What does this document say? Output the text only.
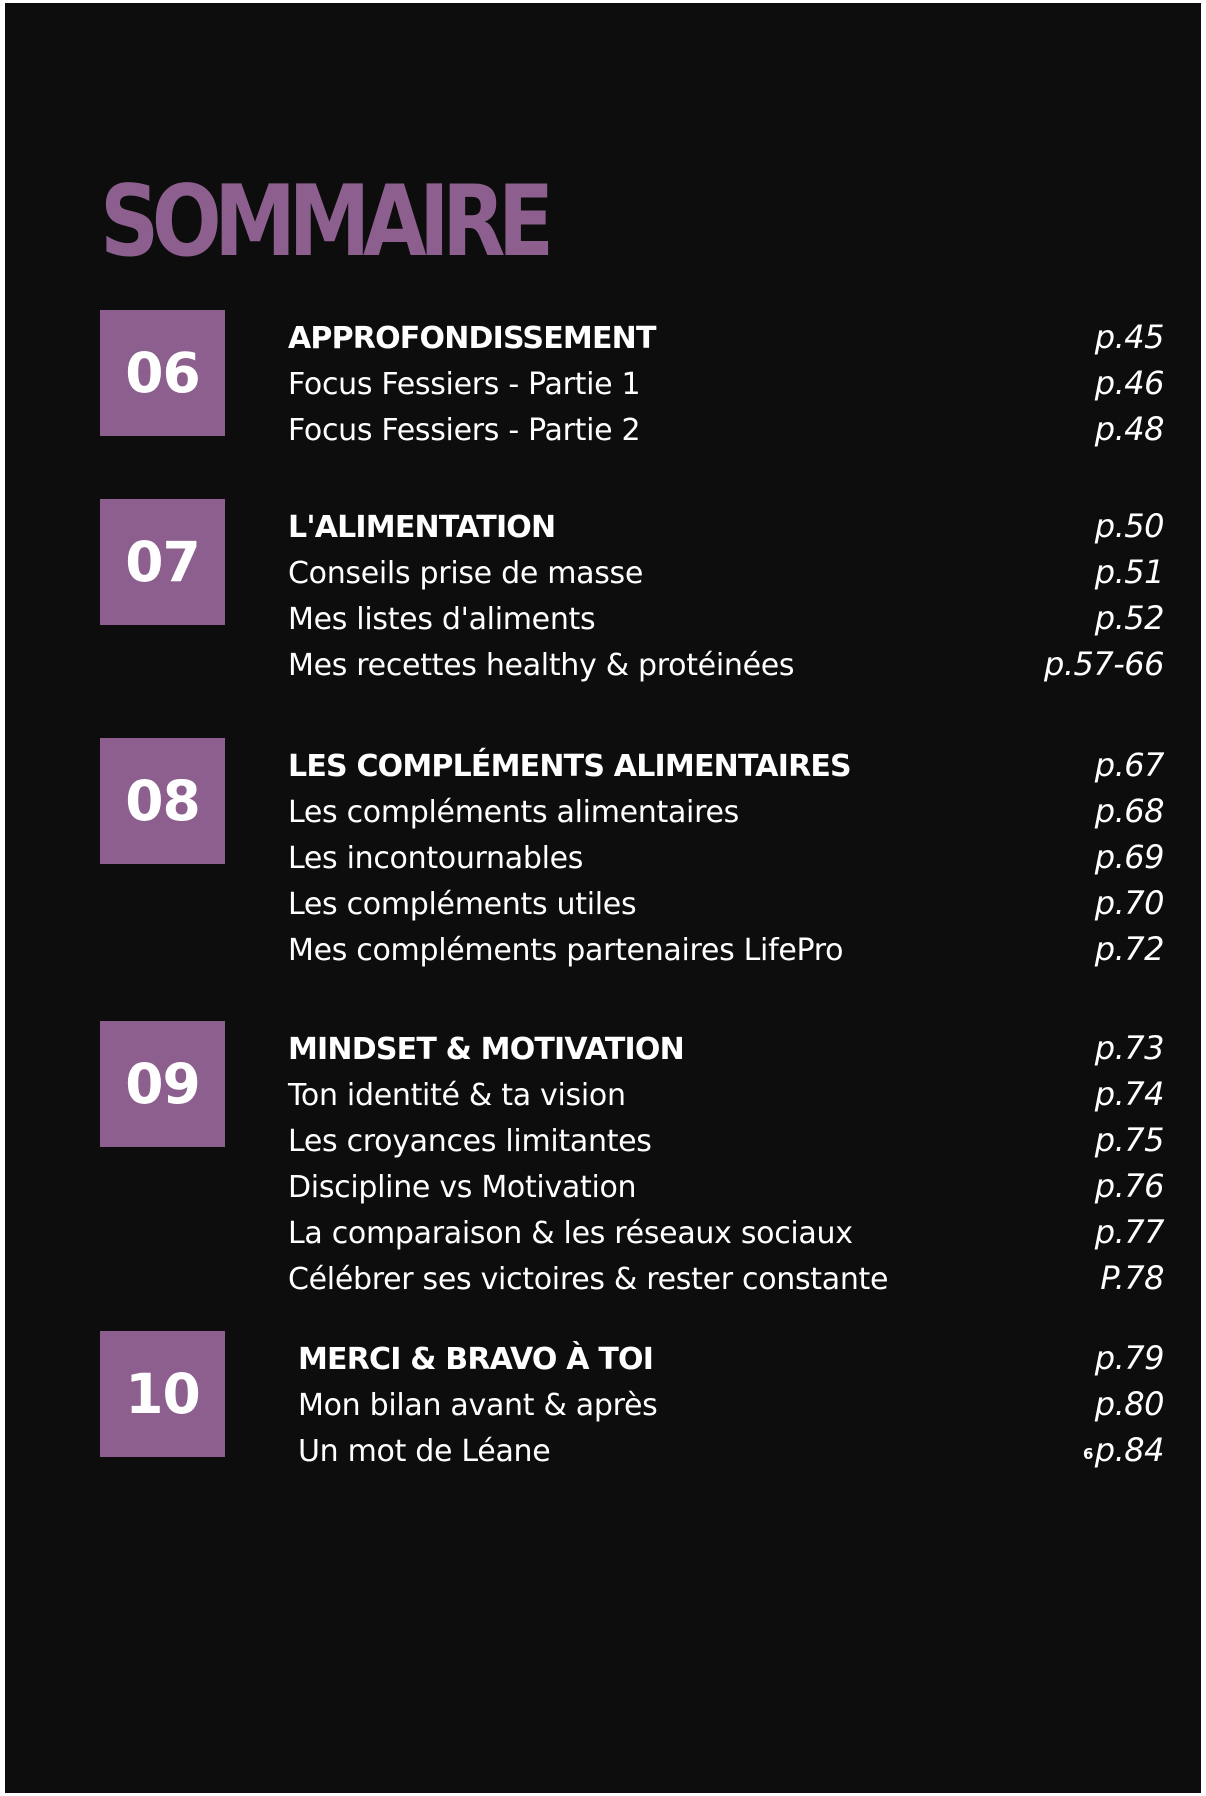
SOMMAIRE
06
APPROFONDISSEMENT	p.45
Focus Fessiers - Partie 1	p.46
Focus Fessiers - Partie 2	p.48
07
L'ALIMENTATION	p.50
Conseils prise de masse	p.51
Mes listes d'aliments	p.52
Mes recettes healthy & protéinées	p.57-66
08
LES COMPLÉMENTS ALIMENTAIRES	p.67
Les compléments alimentaires	p.68
Les incontournables	p.69
Les compléments utiles	p.70
Mes compléments partenaires LifePro	p.72
09
MINDSET & MOTIVATION	p.73
Ton identité & ta vision	p.74
Les croyances limitantes	p.75
Discipline vs Motivation	p.76
La comparaison & les réseaux sociaux	p.77
Célébrer ses victoires & rester constante	P.78
10
MERCI & BRAVO À TOI	p.79
Mon bilan avant & après	p.80
Un mot de Léane	p.84
6
